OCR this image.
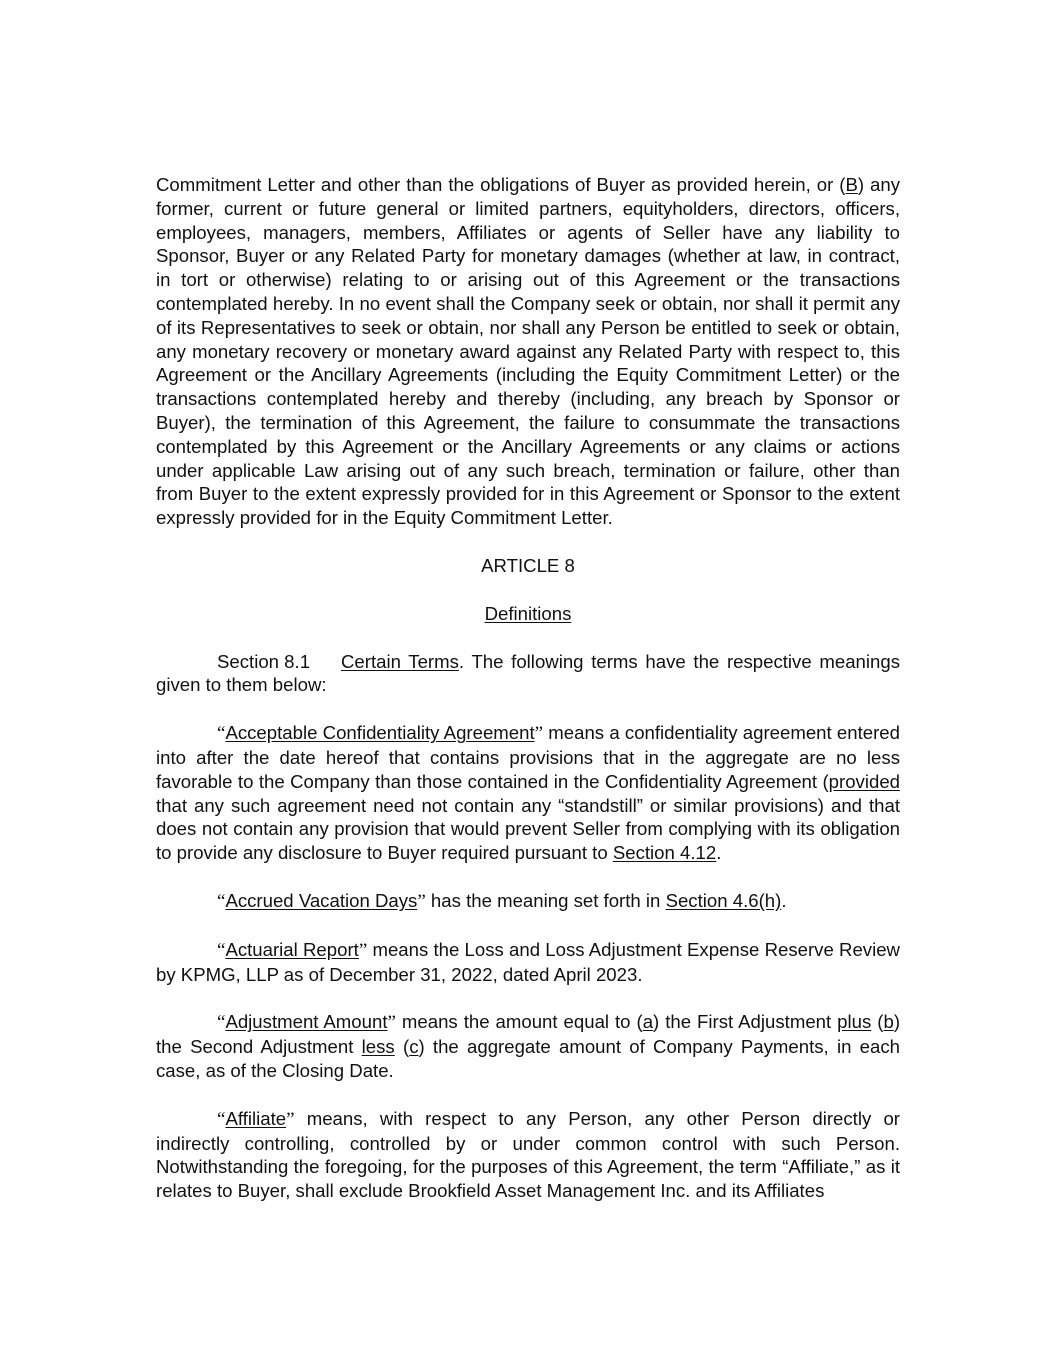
Commitment Letter and other than the obligations of Buyer as provided herein, or (B) any former, current or future general or limited partners, equityholders, directors, officers, employees, managers, members, Affiliates or agents of Seller have any liability to Sponsor, Buyer or any Related Party for monetary damages (whether at law, in contract, in tort or otherwise) relating to or arising out of this Agreement or the transactions contemplated hereby. In no event shall the Company seek or obtain, nor shall it permit any of its Representatives to seek or obtain, nor shall any Person be entitled to seek or obtain, any monetary recovery or monetary award against any Related Party with respect to, this Agreement or the Ancillary Agreements (including the Equity Commitment Letter) or the transactions contemplated hereby and thereby (including, any breach by Sponsor or Buyer), the termination of this Agreement, the failure to consummate the transactions contemplated by this Agreement or the Ancillary Agreements or any claims or actions under applicable Law arising out of any such breach, termination or failure, other than from Buyer to the extent expressly provided for in this Agreement or Sponsor to the extent expressly provided for in the Equity Commitment Letter.

ARTICLE 8

Definitions

Section 8.1 Certain Terms. The following terms have the respective meanings given to them below:

“Acceptable Confidentiality Agreement” means a confidentiality agreement entered into after the date hereof that contains provisions that in the aggregate are no less favorable to the Company than those contained in the Confidentiality Agreement (provided that any such agreement need not contain any “standstill” or similar provisions) and that does not contain any provision that would prevent Seller from complying with its obligation to provide any disclosure to Buyer required pursuant to Section 4.12.

“Accrued Vacation Days” has the meaning set forth in Section 4.6(h).

“Actuarial Report” means the Loss and Loss Adjustment Expense Reserve Review by KPMG, LLP as of December 31, 2022, dated April 2023.

“Adjustment Amount” means the amount equal to (a) the First Adjustment plus (b) the Second Adjustment less (c) the aggregate amount of Company Payments, in each case, as of the Closing Date.

“Affiliate” means, with respect to any Person, any other Person directly or indirectly controlling, controlled by or under common control with such Person. Notwithstanding the foregoing, for the purposes of this Agreement, the term “Affiliate,” as it relates to Buyer, shall exclude Brookfield Asset Management Inc. and its Affiliates
